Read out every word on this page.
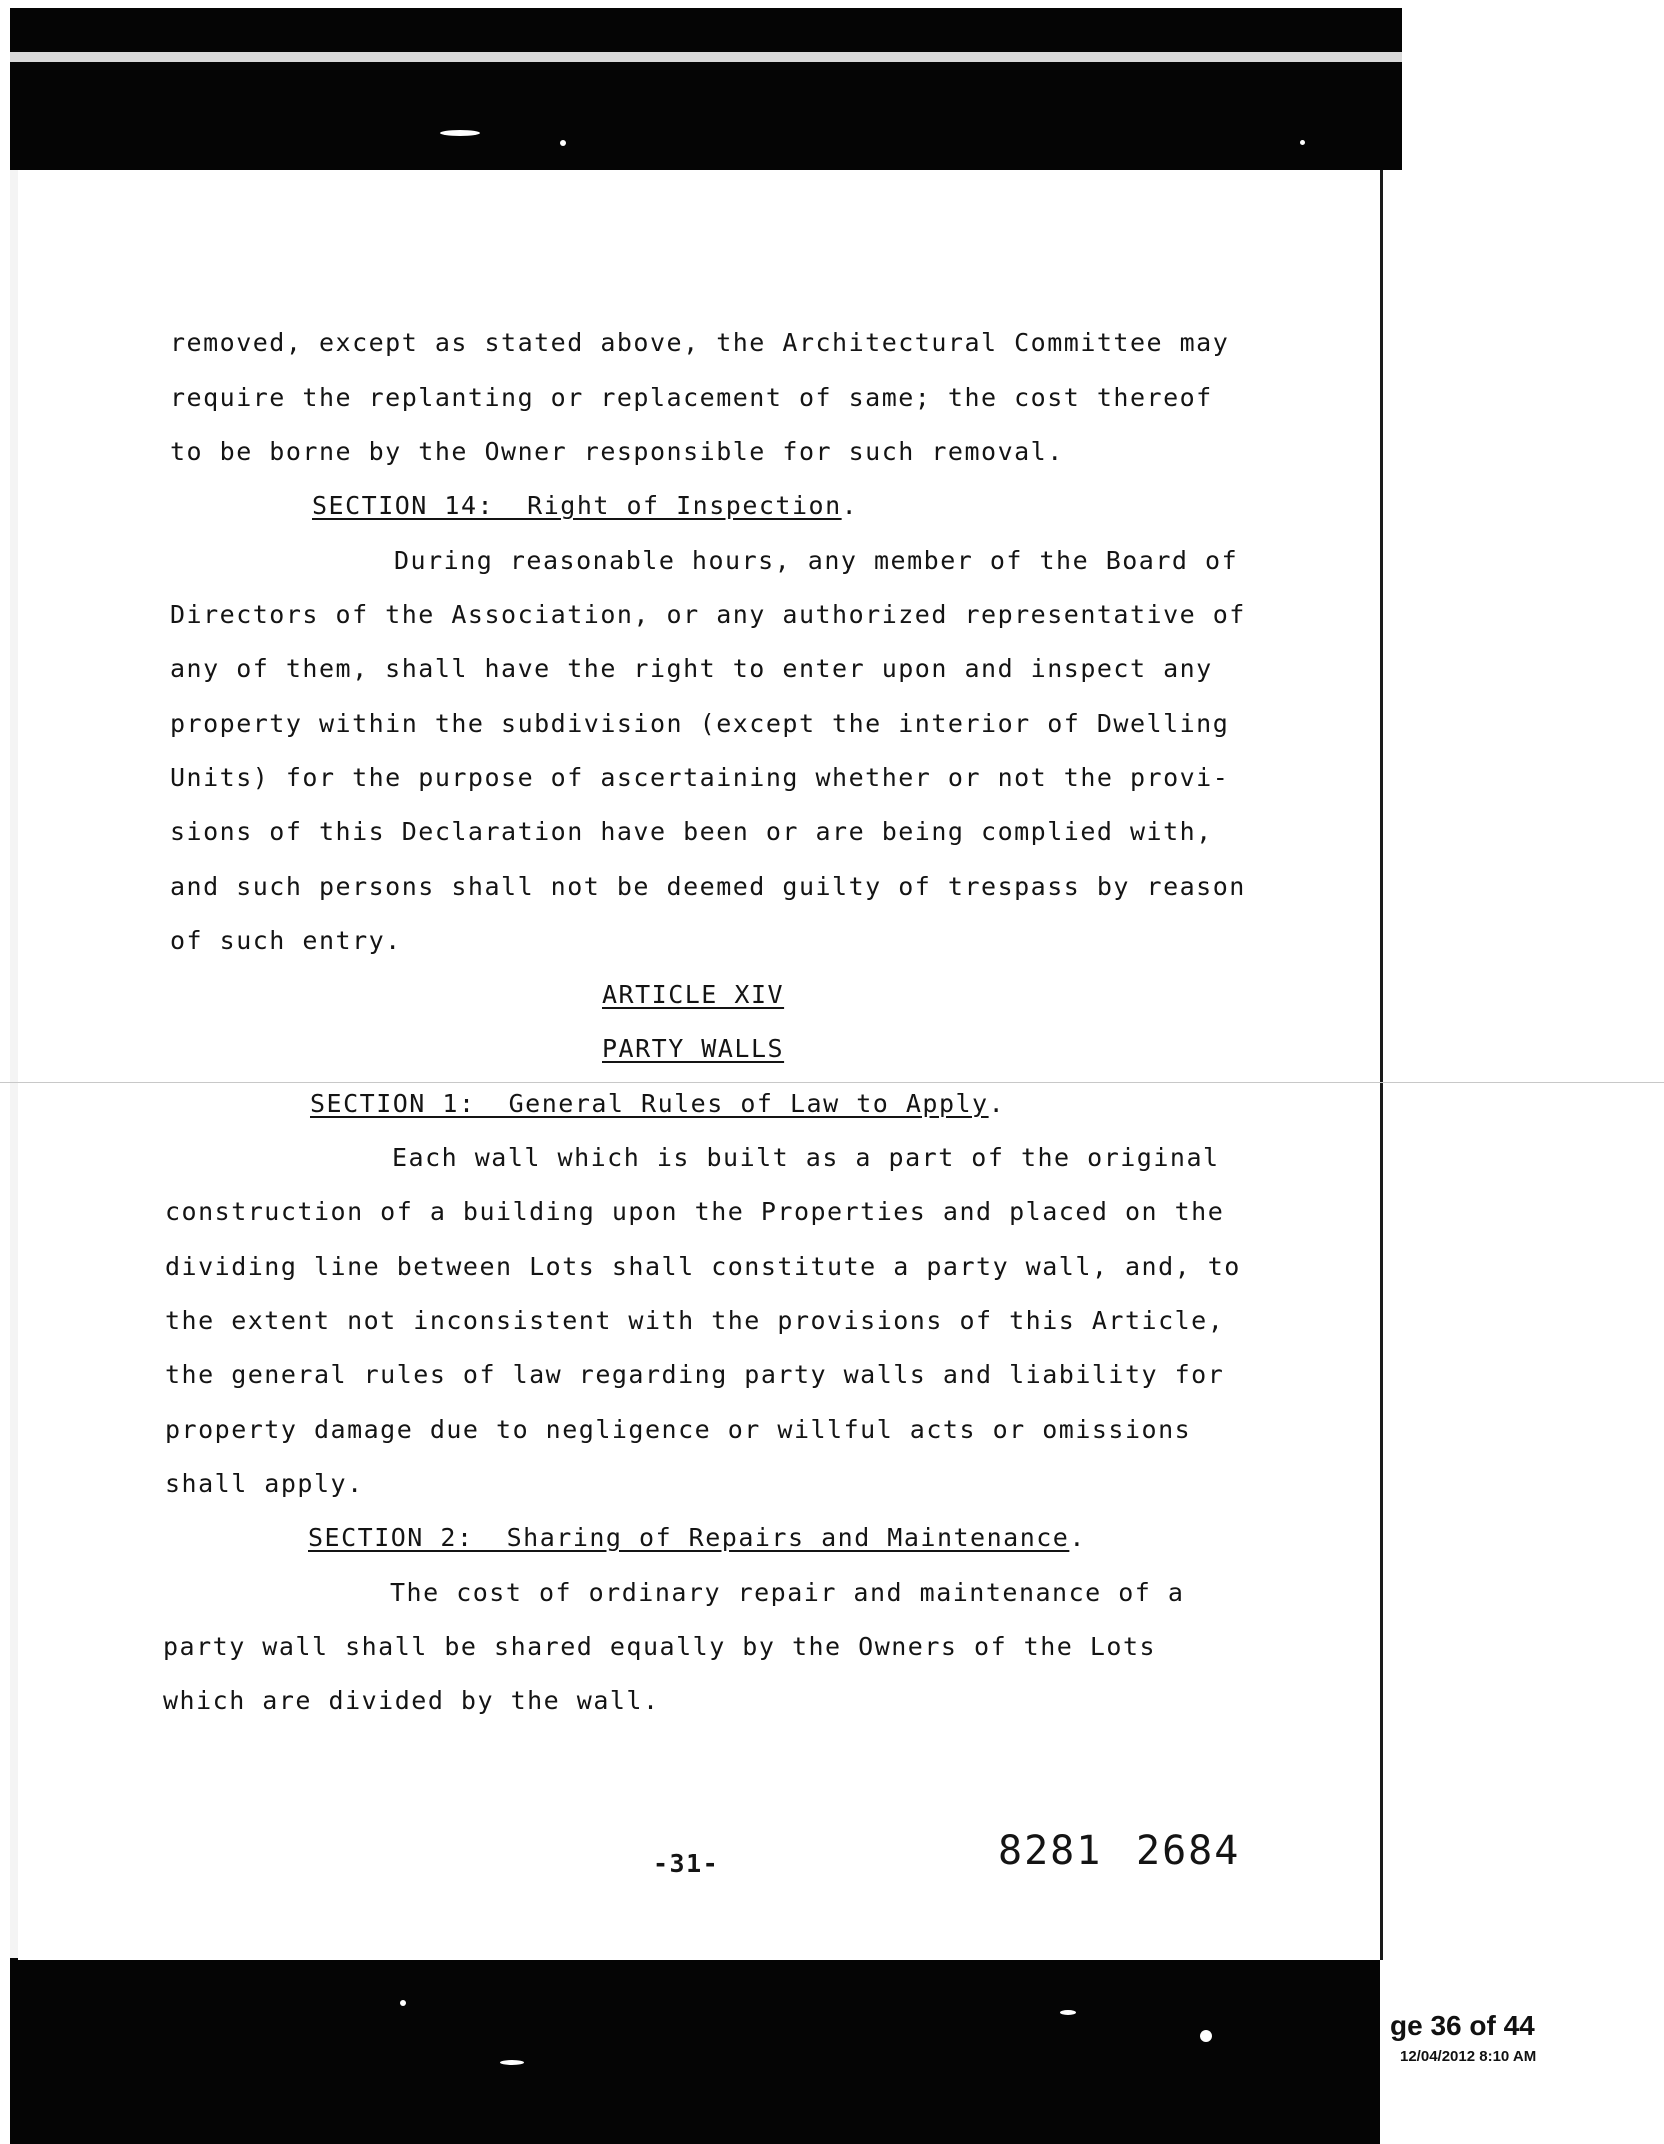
removed, except as stated above, the Architectural Committee may
require the replanting or replacement of same; the cost thereof
to be borne by the Owner responsible for such removal.
SECTION 14:  Right of Inspection.
During reasonable hours, any member of the Board of
Directors of the Association, or any authorized representative of
any of them, shall have the right to enter upon and inspect any
property within the subdivision (except the interior of Dwelling
Units) for the purpose of ascertaining whether or not the provi-
sions of this Declaration have been or are being complied with,
and such persons shall not be deemed guilty of trespass by reason
of such entry.
ARTICLE XIV
PARTY WALLS
SECTION 1:  General Rules of Law to Apply.
Each wall which is built as a part of the original
construction of a building upon the Properties and placed on the
dividing line between Lots shall constitute a party wall, and, to
the extent not inconsistent with the provisions of this Article,
the general rules of law regarding party walls and liability for
property damage due to negligence or willful acts or omissions
shall apply.
SECTION 2:  Sharing of Repairs and Maintenance.
The cost of ordinary repair and maintenance of a
party wall shall be shared equally by the Owners of the Lots
which are divided by the wall.
-31-	8281 2684
ge 36 of 44
12/04/2012 8:10 AM
